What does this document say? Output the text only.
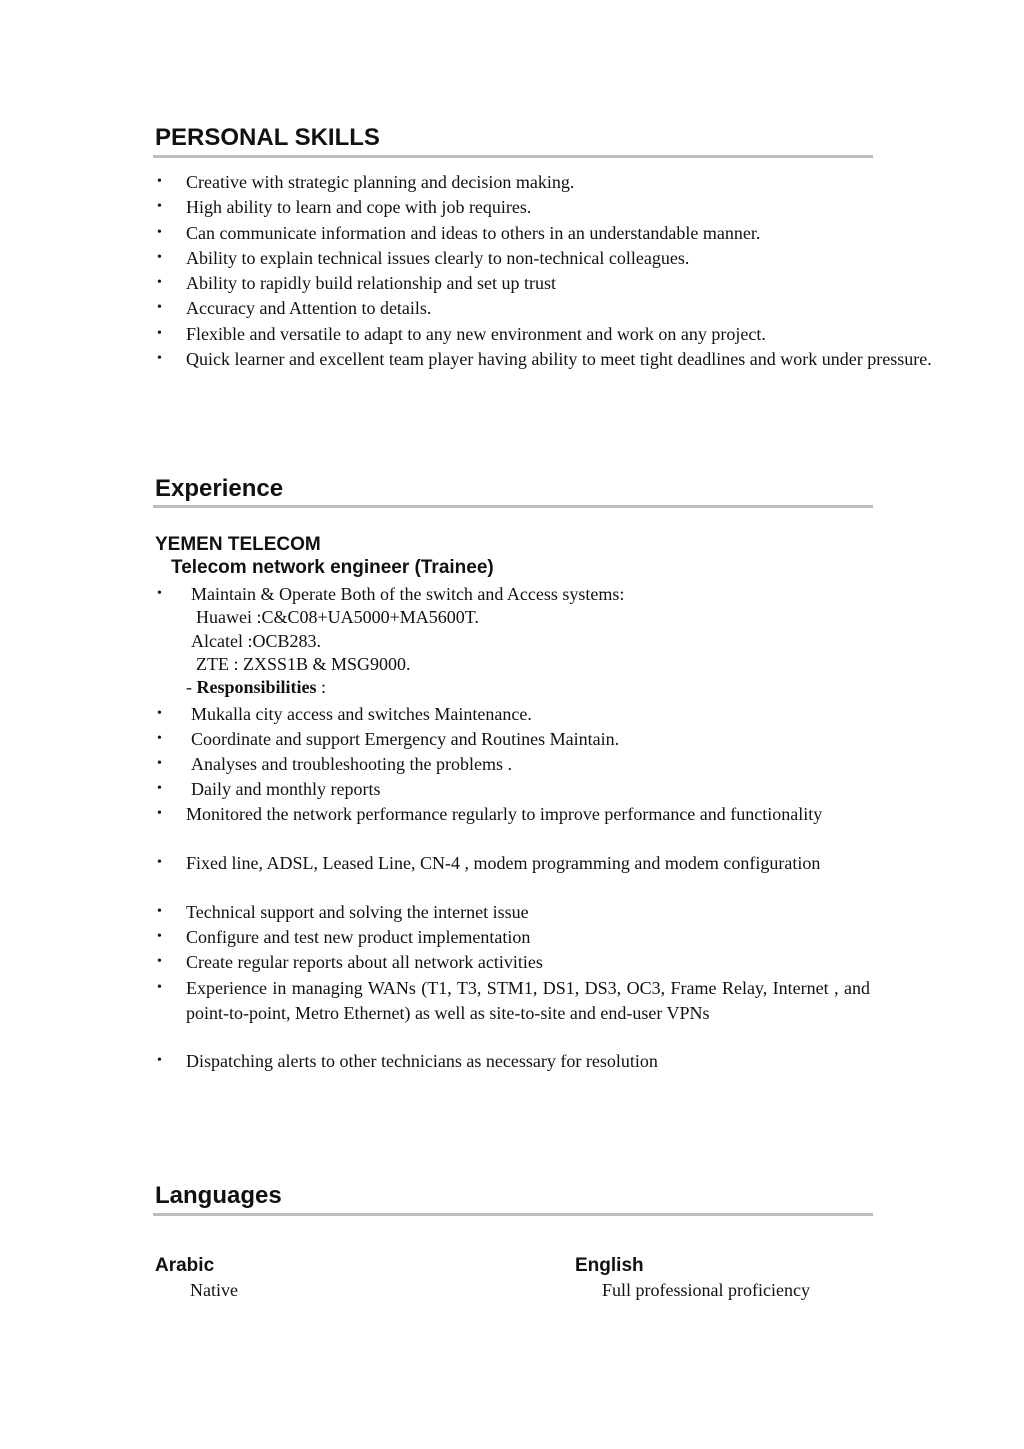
PERSONAL SKILLS
• Creative with strategic planning and decision making.
• High ability to learn and cope with job requires.
• Can communicate information and ideas to others in an understandable manner.
• Ability to explain technical issues clearly to non-technical colleagues.
• Ability to rapidly build relationship and set up trust
• Accuracy and Attention to details.
• Flexible and versatile to adapt to any new environment and work on any project.
• Quick learner and excellent team player having ability to meet tight deadlines and work under pressure.
Experience
YEMEN TELECOM
Telecom network engineer (Trainee)
• Maintain & Operate Both of the switch and Access systems:
Huawei :C&C08+UA5000+MA5600T.
Alcatel :OCB283.
ZTE : ZXSS1B & MSG9000.
- Responsibilities :
• Mukalla city access and switches Maintenance.
• Coordinate and support Emergency and Routines Maintain.
• Analyses and troubleshooting the problems .
• Daily and monthly reports
• Monitored the network performance regularly to improve performance and functionality
• Fixed line, ADSL, Leased Line, CN-4 , modem programming and modem configuration
• Technical support and solving the internet issue
• Configure and test new product implementation
• Create regular reports about all network activities
• Experience in managing WANs (T1, T3, STM1, DS1, DS3, OC3, Frame Relay, Internet , and point-to-point, Metro Ethernet) as well as site-to-site and end-user VPNs
• Dispatching alerts to other technicians as necessary for resolution
Languages
Arabic
Native
English
Full professional proficiency
